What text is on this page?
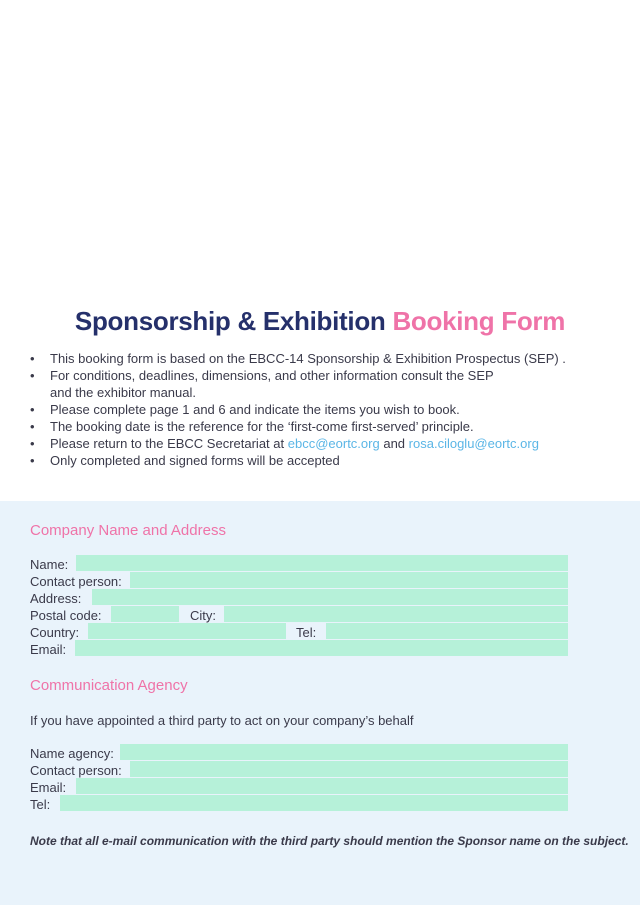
Sponsorship & Exhibition Booking Form
• This booking form is based on the EBCC-14 Sponsorship & Exhibition Prospectus (SEP) .
• For conditions, deadlines, dimensions, and other information consult the SEP
and the exhibitor manual.
• Please complete page 1 and 6 and indicate the items you wish to book.
• The booking date is the reference for the ‘first-come first-served’ principle.
• Please return to the EBCC Secretariat at ebcc@eortc.org and rosa.ciloglu@eortc.org
• Only completed and signed forms will be accepted
Company Name and Address
Name:
Contact person:
Address:
Postal code:	City:
Country:	Tel:
Email:
Communication Agency
If you have appointed a third party to act on your company’s behalf
Name agency:
Contact person:
Email:
Tel:
Note that all e-mail communication with the third party should mention the Sponsor name on the subject.
